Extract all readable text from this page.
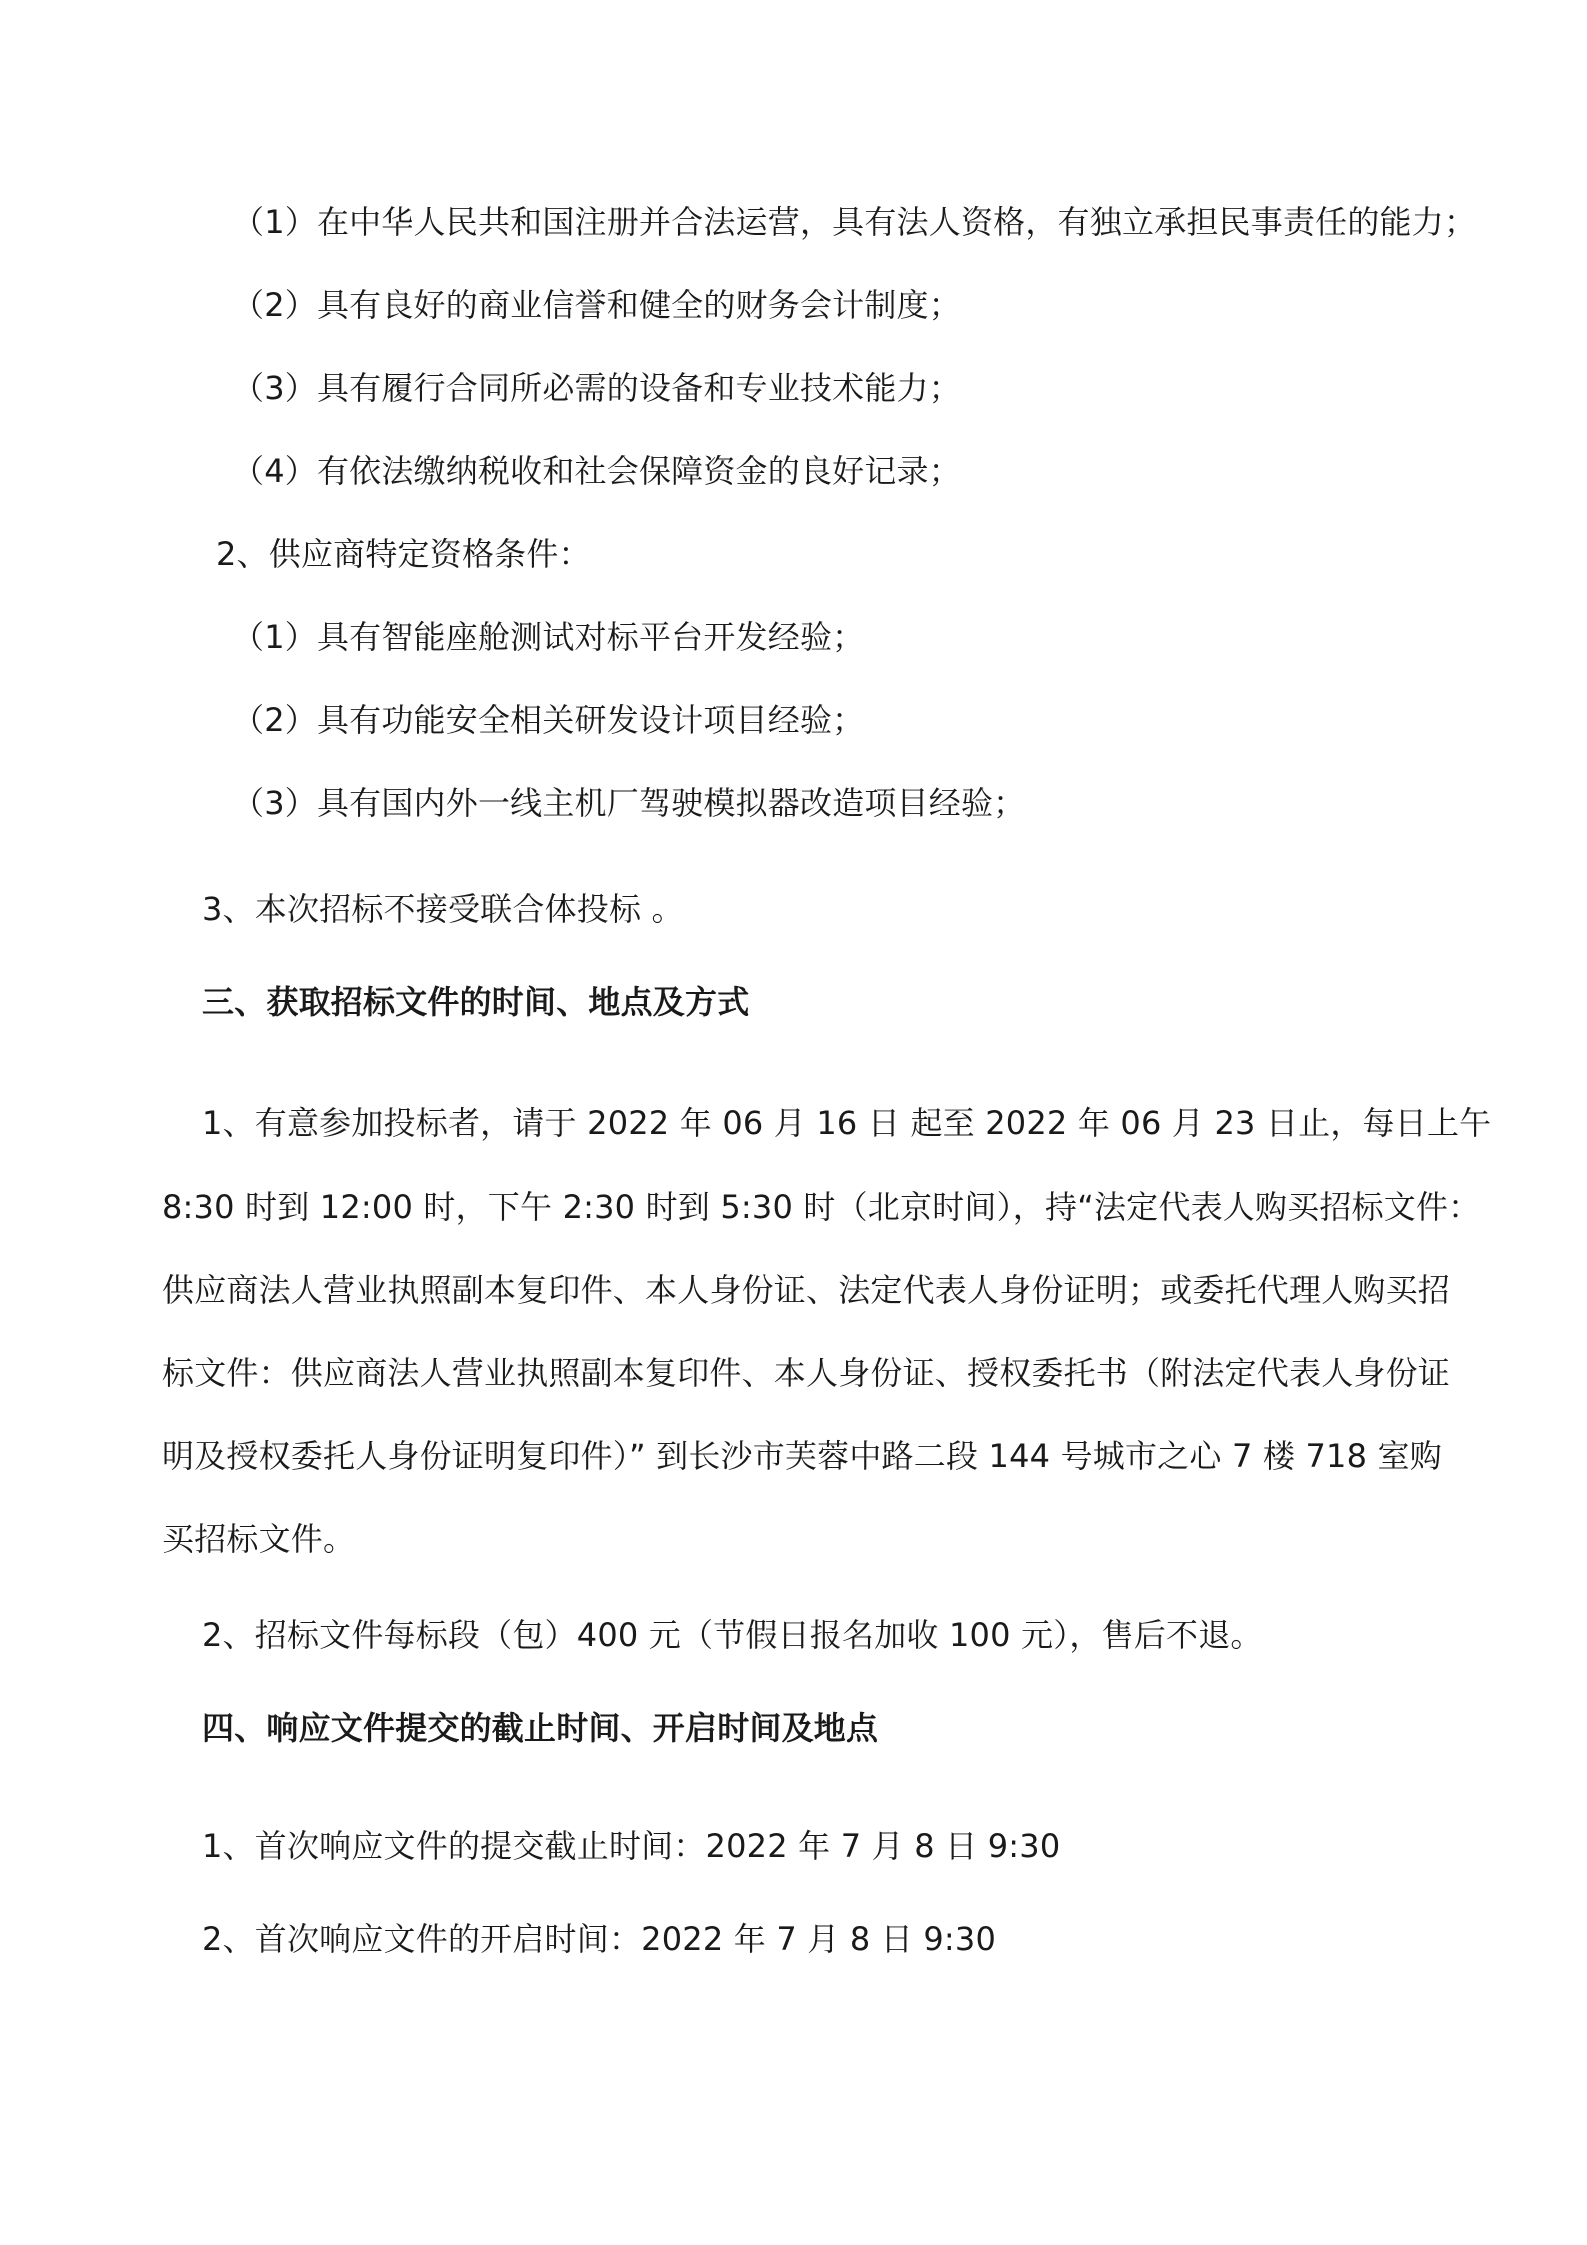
（1）在中华人民共和国注册并合法运营，具有法人资格，有独立承担民事责任的能力；
（2）具有良好的商业信誉和健全的财务会计制度；
（3）具有履行合同所必需的设备和专业技术能力；
（4）有依法缴纳税收和社会保障资金的良好记录；
2、供应商特定资格条件：
（1）具有智能座舱测试对标平台开发经验；
（2）具有功能安全相关研发设计项目经验；
（3）具有国内外一线主机厂驾驶模拟器改造项目经验；
3、本次招标不接受联合体投标 。
三、获取招标文件的时间、地点及方式
1、有意参加投标者，请于 2022 年 06 月 16 日 起至 2022 年 06 月 23 日止，每日上午
8:30 时到 12:00 时，下午 2:30 时到 5:30 时（北京时间），持“法定代表人购买招标文件：
供应商法人营业执照副本复印件、本人身份证、法定代表人身份证明；或委托代理人购买招
标文件：供应商法人营业执照副本复印件、本人身份证、授权委托书（附法定代表人身份证
明及授权委托人身份证明复印件）” 到长沙市芙蓉中路二段 144 号城市之心 7 楼 718 室购
买招标文件。
2、招标文件每标段（包）400 元（节假日报名加收 100 元），售后不退。
四、响应文件提交的截止时间、开启时间及地点
1、首次响应文件的提交截止时间：2022 年 7 月 8 日 9:30
2、首次响应文件的开启时间：2022 年 7 月 8 日 9:30
